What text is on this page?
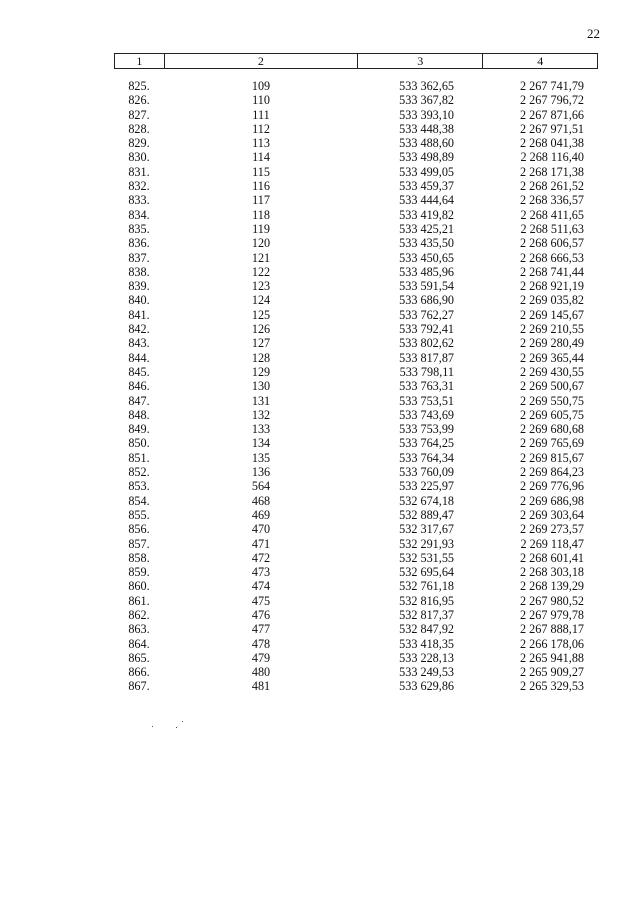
22
1	2	3	4
825.	109	533 362,65	2 267 741,79
826.	110	533 367,82	2 267 796,72
827.	111	533 393,10	2 267 871,66
828.	112	533 448,38	2 267 971,51
829.	113	533 488,60	2 268 041,38
830.	114	533 498,89	2 268 116,40
831.	115	533 499,05	2 268 171,38
832.	116	533 459,37	2 268 261,52
833.	117	533 444,64	2 268 336,57
834.	118	533 419,82	2 268 411,65
835.	119	533 425,21	2 268 511,63
836.	120	533 435,50	2 268 606,57
837.	121	533 450,65	2 268 666,53
838.	122	533 485,96	2 268 741,44
839.	123	533 591,54	2 268 921,19
840.	124	533 686,90	2 269 035,82
841.	125	533 762,27	2 269 145,67
842.	126	533 792,41	2 269 210,55
843.	127	533 802,62	2 269 280,49
844.	128	533 817,87	2 269 365,44
845.	129	533 798,11	2 269 430,55
846.	130	533 763,31	2 269 500,67
847.	131	533 753,51	2 269 550,75
848.	132	533 743,69	2 269 605,75
849.	133	533 753,99	2 269 680,68
850.	134	533 764,25	2 269 765,69
851.	135	533 764,34	2 269 815,67
852.	136	533 760,09	2 269 864,23
853.	564	533 225,97	2 269 776,96
854.	468	532 674,18	2 269 686,98
855.	469	532 889,47	2 269 303,64
856.	470	532 317,67	2 269 273,57
857.	471	532 291,93	2 269 118,47
858.	472	532 531,55	2 268 601,41
859.	473	532 695,64	2 268 303,18
860.	474	532 761,18	2 268 139,29
861.	475	532 816,95	2 267 980,52
862.	476	532 817,37	2 267 979,78
863.	477	532 847,92	2 267 888,17
864.	478	533 418,35	2 266 178,06
865.	479	533 228,13	2 265 941,88
866.	480	533 249,53	2 265 909,27
867.	481	533 629,86	2 265 329,53
